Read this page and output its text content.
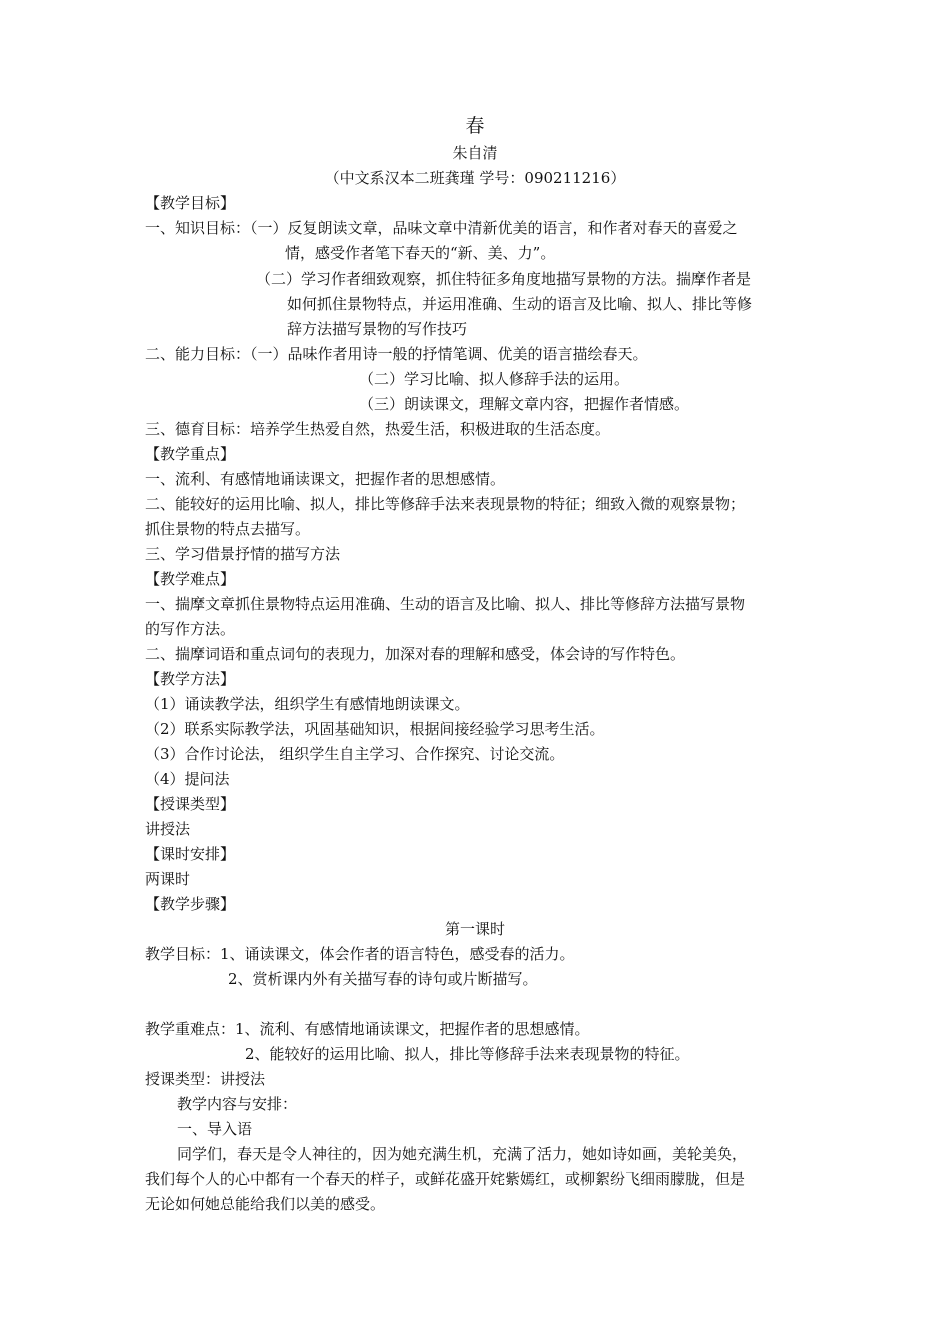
春
朱自清
（中文系汉本二班龚瑾 学号：090211216）
【教学目标】
一、知识目标：（一）反复朗读文章，品味文章中清新优美的语言，和作者对春天的喜爱之
情，感受作者笔下春天的“新、美、力”。
（二）学习作者细致观察，抓住特征多角度地描写景物的方法。揣摩作者是
如何抓住景物特点，并运用准确、生动的语言及比喻、拟人、排比等修
辞方法描写景物的写作技巧
二、能力目标：（一）品味作者用诗一般的抒情笔调、优美的语言描绘春天。
（二）学习比喻、拟人修辞手法的运用。
（三）朗读课文，理解文章内容，把握作者情感。
三、德育目标：培养学生热爱自然，热爱生活，积极进取的生活态度。
【教学重点】
一、流利、有感情地诵读课文，把握作者的思想感情。
二、能较好的运用比喻、拟人，排比等修辞手法来表现景物的特征；细致入微的观察景物；
抓住景物的特点去描写。
三、学习借景抒情的描写方法
【教学难点】
一、揣摩文章抓住景物特点运用准确、生动的语言及比喻、拟人、排比等修辞方法描写景物
的写作方法。
二、揣摩词语和重点词句的表现力，加深对春的理解和感受，体会诗的写作特色。
【教学方法】
（1）诵读教学法，组织学生有感情地朗读课文。
（2）联系实际教学法，巩固基础知识，根据间接经验学习思考生活。
（3）合作讨论法， 组织学生自主学习、合作探究、讨论交流。
（4）提问法
【授课类型】
讲授法
【课时安排】
两课时
【教学步骤】
第一课时
教学目标：1、诵读课文，体会作者的语言特色，感受春的活力。
2、赏析课内外有关描写春的诗句或片断描写。
教学重难点：1、流利、有感情地诵读课文，把握作者的思想感情。
2、能较好的运用比喻、拟人，排比等修辞手法来表现景物的特征。
授课类型：讲授法
教学内容与安排：
一、导入语
同学们，春天是令人神往的，因为她充满生机，充满了活力，她如诗如画，美轮美奂，
我们每个人的心中都有一个春天的样子，或鲜花盛开姹紫嫣红，或柳絮纷飞细雨朦胧，但是
无论如何她总能给我们以美的感受。
